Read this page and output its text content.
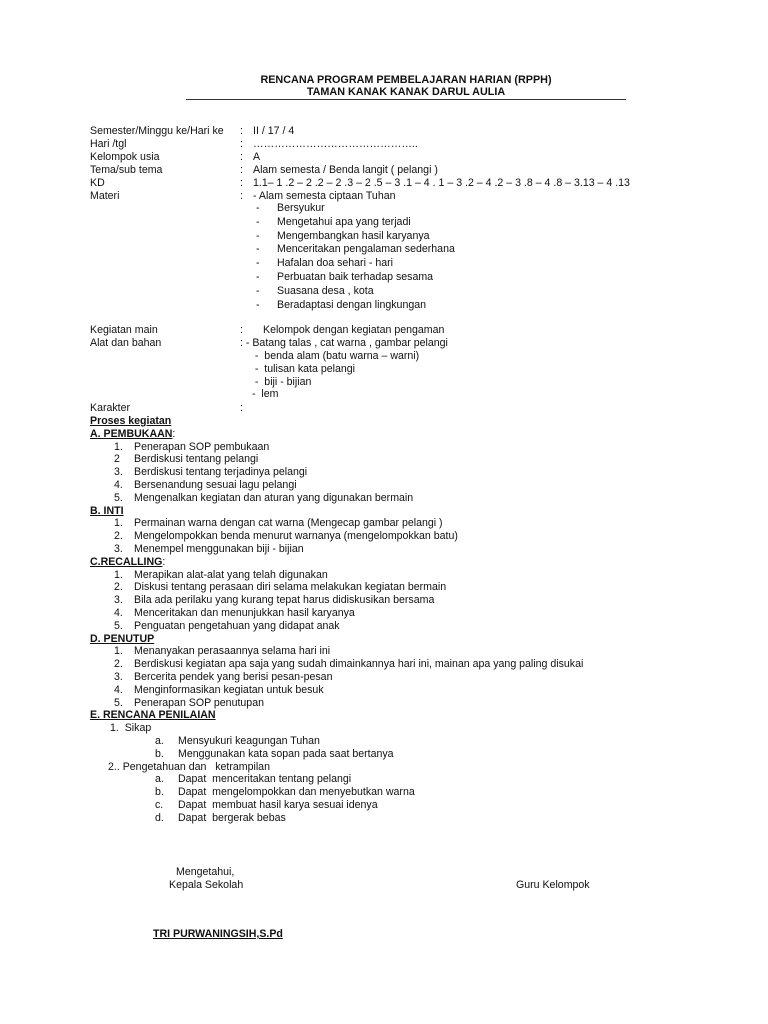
RENCANA PROGRAM PEMBELAJARAN HARIAN (RPPH)
TAMAN KANAK KANAK DARUL AULIA
Semester/Minggu ke/Hari ke	: II / 17 / 4
Hari /tgl	: ………………………………………..
Kelompok usia	: A
Tema/sub tema	: Alam semesta / Benda langit ( pelangi )
KD	: 1.1– 1 .2 – 2 .2 – 2 .3 – 2 .5 – 3 .1 – 4 . 1 – 3 .2 – 4 .2 – 3 .8 – 4 .8 – 3.13 – 4 .13
Materi	: - Alam semesta ciptaan Tuhan
- Bersyukur
- Mengetahui apa yang terjadi
- Mengembangkan hasil karyanya
- Menceritakan pengalaman sederhana
- Hafalan doa sehari - hari
- Perbuatan baik terhadap sesama
- Suasana desa , kota
- Beradaptasi dengan lingkungan
Kegiatan main	:	Kelompok dengan kegiatan pengaman
Alat dan bahan	: - Batang talas , cat warna , gambar pelangi
-  benda alam (batu warna – warni)
-  tulisan kata pelangi
-  biji - bijian
-  lem
Karakter	:
Proses kegiatan
A. PEMBUKAAN:
1. Penerapan SOP pembukaan
2 Berdiskusi tentang pelangi
3. Berdiskusi tentang terjadinya pelangi
4. Bersenandung sesuai lagu pelangi
5. Mengenalkan kegiatan dan aturan yang digunakan bermain
B. INTI
1. Permainan warna dengan cat warna (Mengecap gambar pelangi )
2. Mengelompokkan benda menurut warnanya (mengelompokkan batu)
3. Menempel menggunakan biji - bijian
C.RECALLING:
1. Merapikan alat-alat yang telah digunakan
2. Diskusi tentang perasaan diri selama melakukan kegiatan bermain
3. Bila ada perilaku yang kurang tepat harus didiskusikan bersama
4. Menceritakan dan menunjukkan hasil karyanya
5. Penguatan pengetahuan yang didapat anak
D. PENUTUP
1. Menanyakan perasaannya selama hari ini
2. Berdiskusi kegiatan apa saja yang sudah dimainkannya hari ini, mainan apa yang paling disukai
3. Bercerita pendek yang berisi pesan-pesan
4. Menginformasikan kegiatan untuk besuk
5. Penerapan SOP penutupan
E. RENCANA PENILAIAN
1.  Sikap
a. Mensyukuri keagungan Tuhan
b. Menggunakan kata sopan pada saat bertanya
2.. Pengetahuan dan   ketrampilan
a. Dapat  menceritakan tentang pelangi
b. Dapat  mengelompokkan dan menyebutkan warna
c. Dapat  membuat hasil karya sesuai idenya
d. Dapat  bergerak bebas
Mengetahui,
Kepala Sekolah	Guru Kelompok
TRI PURWANINGSIH,S.Pd
